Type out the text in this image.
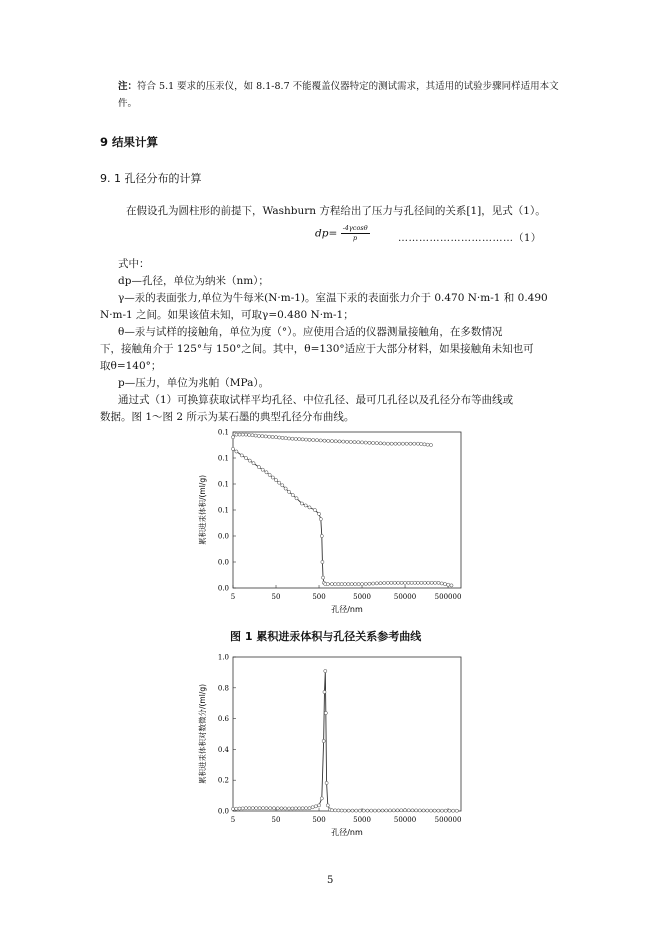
注：符合 5.1 要求的压汞仪，如 8.1-8.7 不能覆盖仪器特定的测试需求，其适用的试验步骤同样适用本文件。
9 结果计算
9. 1 孔径分布的计算
在假设孔为圆柱形的前提下，Washburn 方程给出了压力与孔径间的关系[1]，见式（1）。
$dp= \frac{-4\gamma\cos\theta}{p}$	……………………………（1）
式中：
dp—孔径，单位为纳米（nm）；
γ—汞的表面张力,单位为牛每米(N·m-1)。室温下汞的表面张力介于 0.470 N·m-1 和 0.490
N·m-1 之间。如果该值未知，可取γ=0.480 N·m-1；
θ—汞与试样的接触角，单位为度（°）。应使用合适的仪器测量接触角，在多数情况
下，接触角介于 125°与 150°之间。其中，θ=130°适应于大部分材料，如果接触角未知也可
取θ=140°；
p—压力，单位为兆帕（MPa）。
通过式（1）可换算获取试样平均孔径、中位孔径、最可几孔径以及孔径分布等曲线或
数据。图 1～图 2 所示为某石墨的典型孔径分布曲线。
5	50	500	5000	50000	500000
0.0
0.0
0.0
0.1
0.1
0.1
0.1
孔径/nm
累积进汞体积/(ml/g)
5	50	500	5000	50000	500000
0.0
0.2
0.4
0.6
0.8
1.0
孔径/nm
累积进汞体积对数微分/(ml/g)
图 1 累积进汞体积与孔径关系参考曲线
5
